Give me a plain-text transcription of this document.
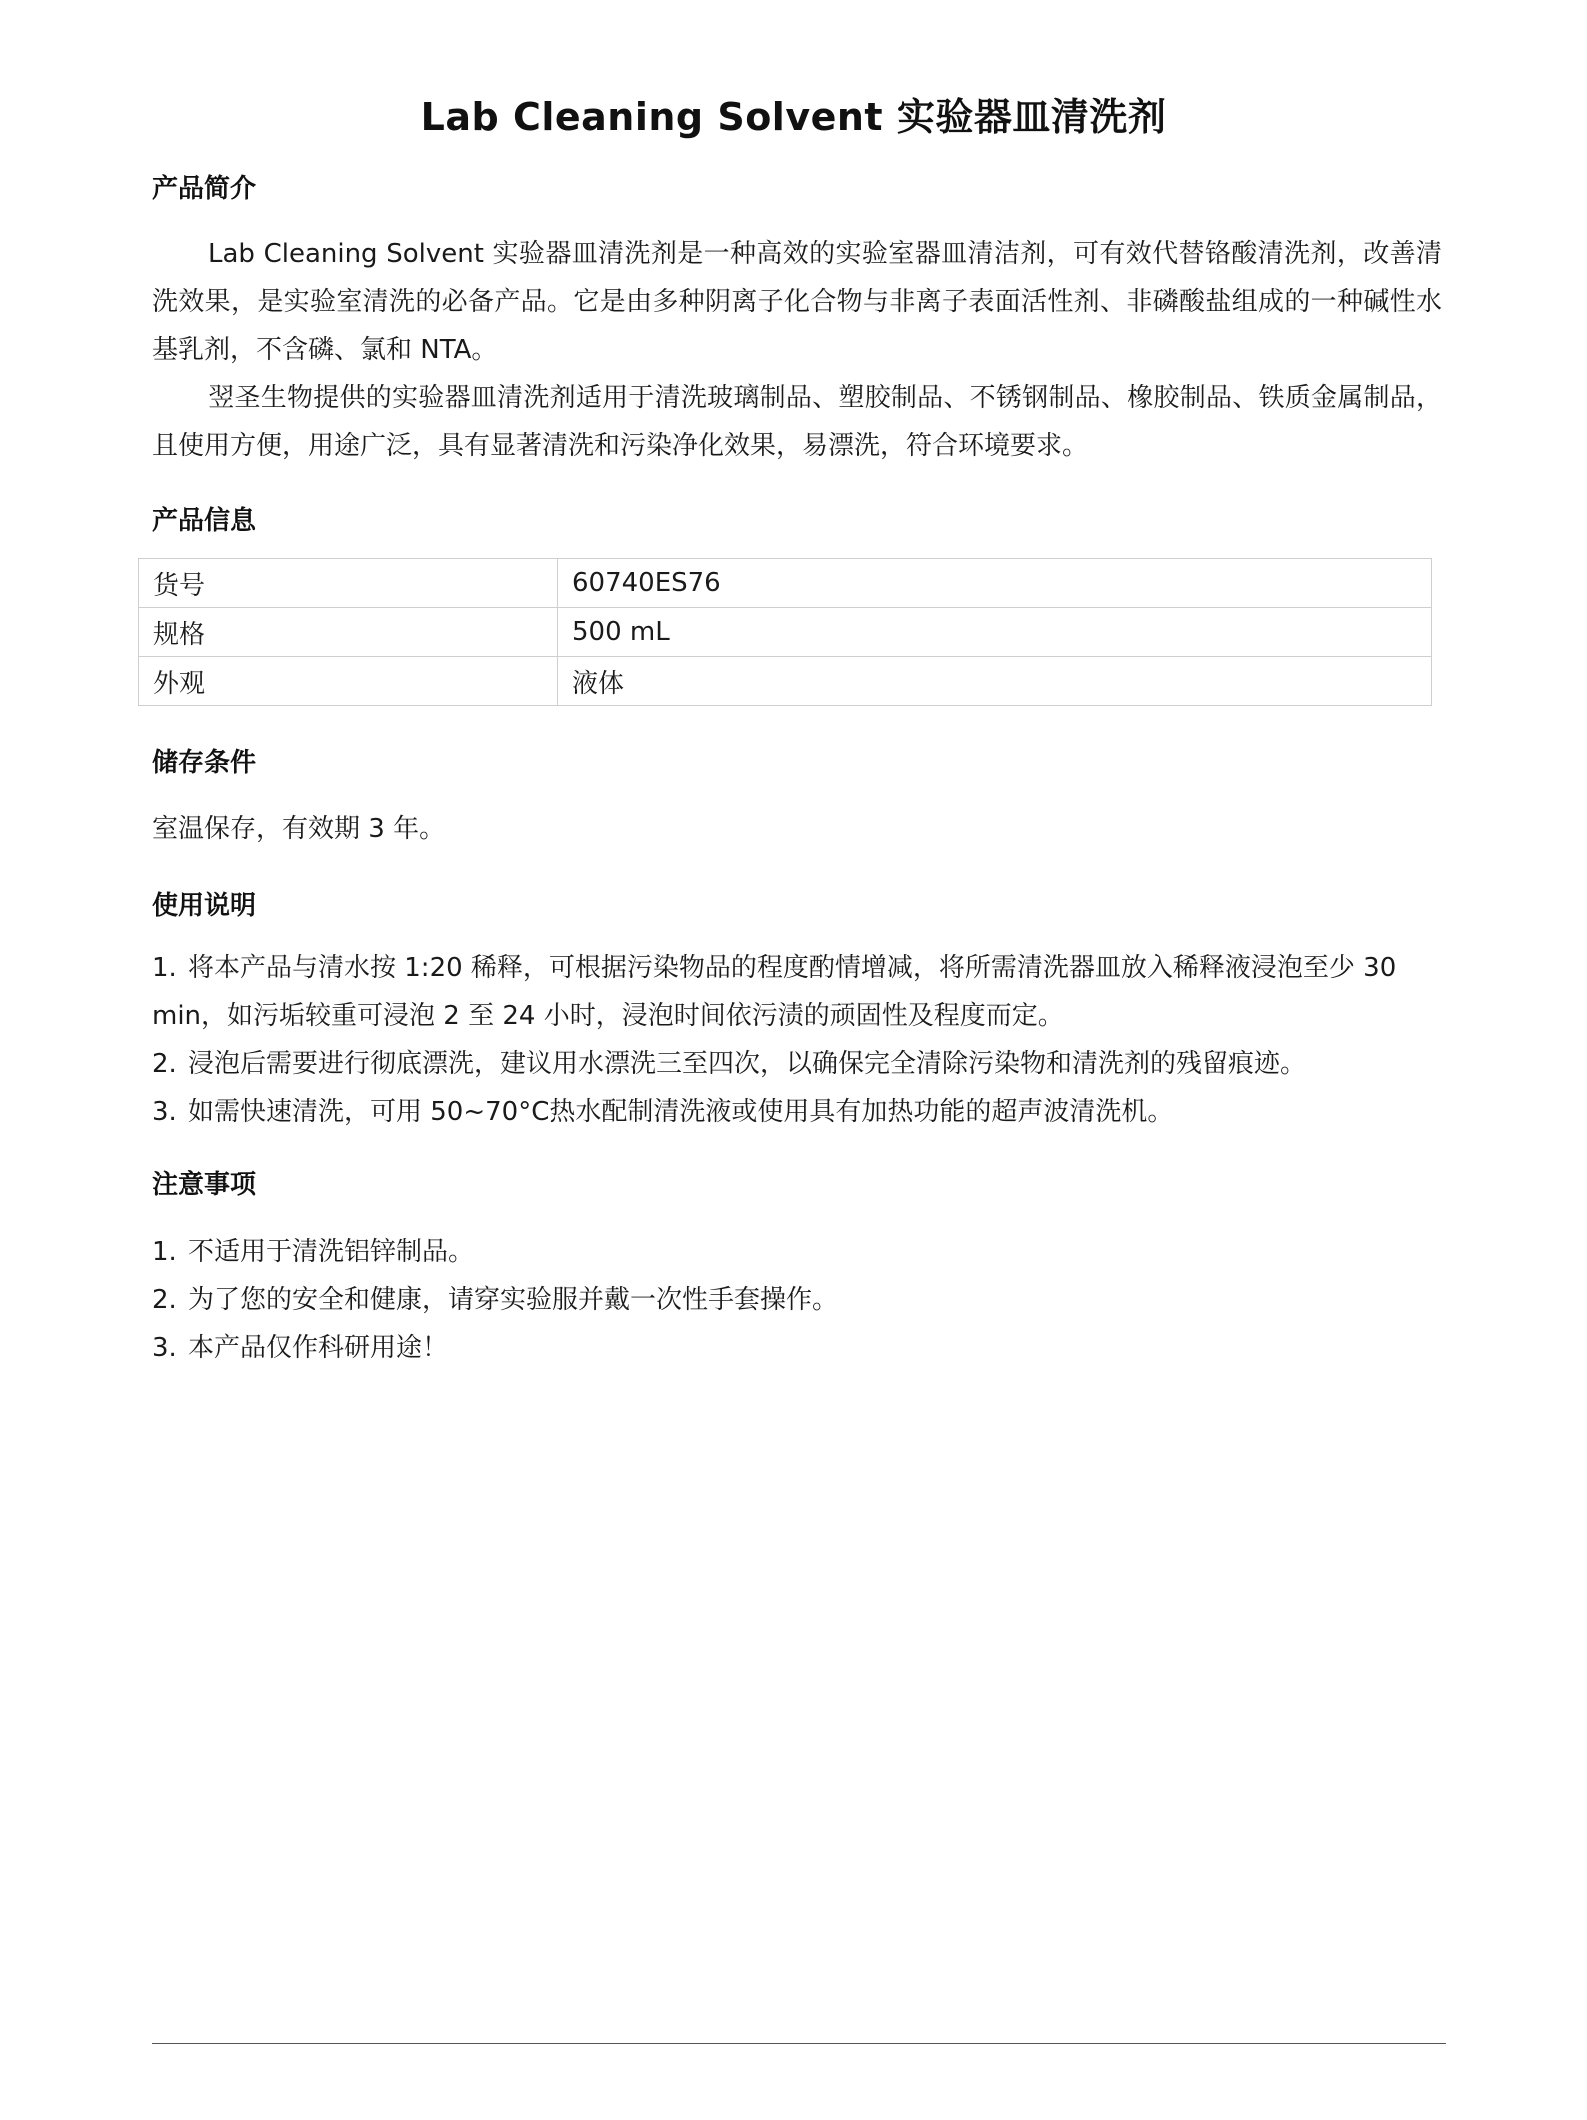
Lab Cleaning Solvent 实验器皿清洗剂
产品简介

Lab Cleaning Solvent 实验器皿清洗剂是一种高效的实验室器皿清洁剂，可有效代替铬酸清洗剂，改善清洗效果，是实验室清洗的必备产品。它是由多种阴离子化合物与非离子表面活性剂、非磷酸盐组成的一种碱性水基乳剂，不含磷、氯和 NTA。

翌圣生物提供的实验器皿清洗剂适用于清洗玻璃制品、塑胶制品、不锈钢制品、橡胶制品、铁质金属制品，且使用方便，用途广泛，具有显著清洗和污染净化效果，易漂洗，符合环境要求。

产品信息
货号	60740ES76
规格	500 mL
外观	液体
储存条件
室温保存，有效期 3 年。
使用说明
1. 将本产品与清水按 1:20 稀释，可根据污染物品的程度酌情增减，将所需清洗器皿放入稀释液浸泡至少 30 min，如污垢较重可浸泡 2 至 24 小时，浸泡时间依污渍的顽固性及程度而定。
2. 浸泡后需要进行彻底漂洗，建议用水漂洗三至四次，以确保完全清除污染物和清洗剂的残留痕迹。
3. 如需快速清洗，可用 50~70°C热水配制清洗液或使用具有加热功能的超声波清洗机。
注意事项
1. 不适用于清洗铝锌制品。
2. 为了您的安全和健康，请穿实验服并戴一次性手套操作。
3. 本产品仅作科研用途！
